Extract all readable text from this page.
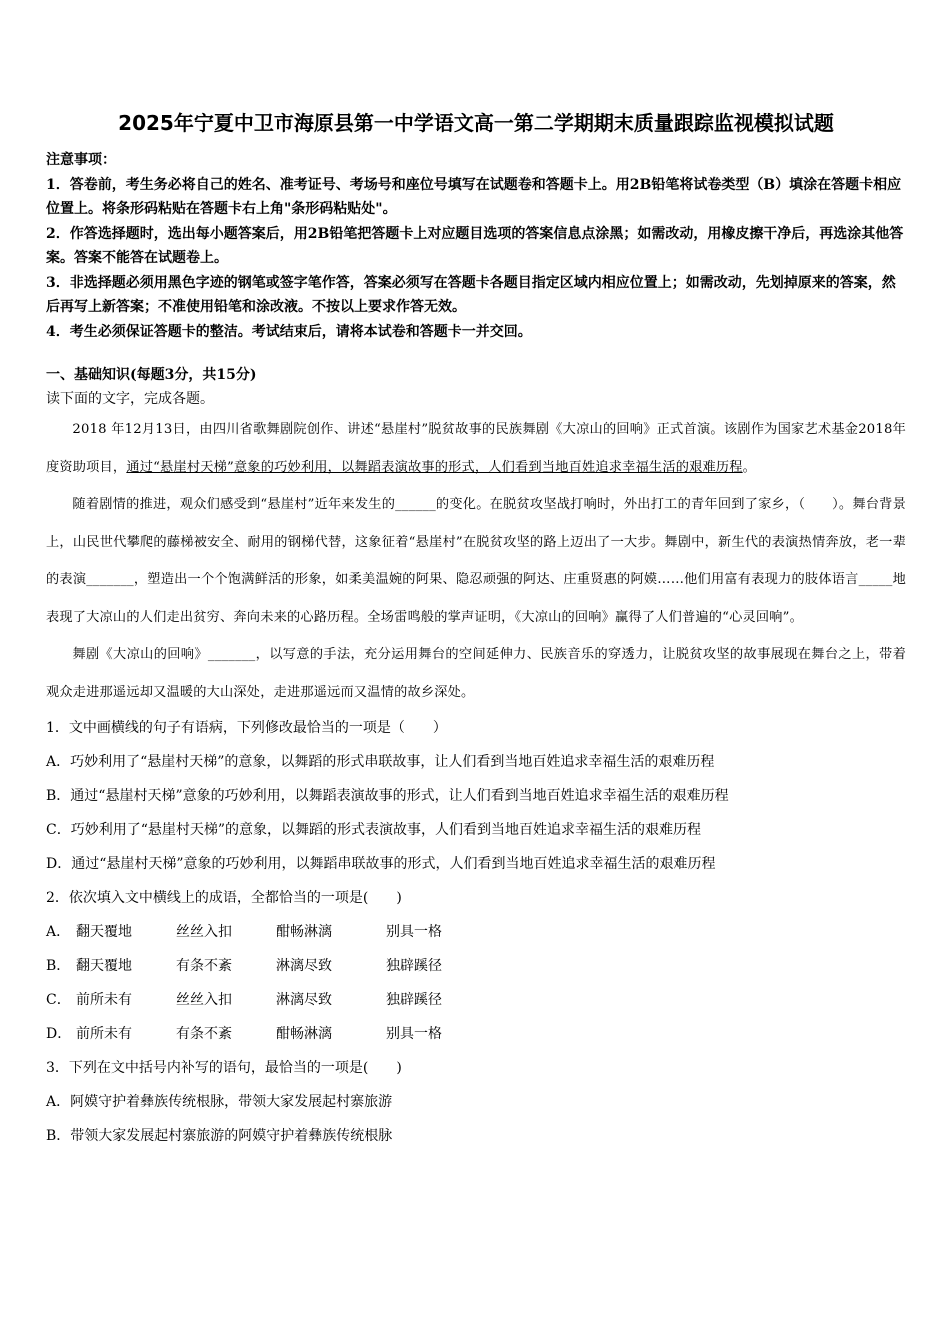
2025年宁夏中卫市海原县第一中学语文高一第二学期期末质量跟踪监视模拟试题
注意事项：

1．答卷前，考生务必将自己的姓名、准考证号、考场号和座位号填写在试题卷和答题卡上。用2B铅笔将试卷类型（B）填涂在答题卡相应位置上。将条形码粘贴在答题卡右上角"条形码粘贴处"。

2．作答选择题时，选出每小题答案后，用2B铅笔把答题卡上对应题目选项的答案信息点涂黑；如需改动，用橡皮擦干净后，再选涂其他答案。答案不能答在试题卷上。

3．非选择题必须用黑色字迹的钢笔或签字笔作答，答案必须写在答题卡各题目指定区域内相应位置上；如需改动，先划掉原来的答案，然后再写上新答案；不准使用铅笔和涂改液。不按以上要求作答无效。

4．考生必须保证答题卡的整洁。考试结束后，请将本试卷和答题卡一并交回。

一、基础知识(每题3分，共15分)
读下面的文字，完成各题。
2018 年12月13日，由四川省歌舞剧院创作、讲述“悬崖村”脱贫故事的民族舞剧《大凉山的回响》正式首演。该剧作为国家艺术基金2018年度资助项目，通过“悬崖村天梯”意象的巧妙利用，以舞蹈表演故事的形式，人们看到当地百姓追求幸福生活的艰难历程。
随着剧情的推进，观众们感受到“悬崖村”近年来发生的______的变化。在脱贫攻坚战打响时，外出打工的青年回到了家乡，（　　）。舞台背景上，山民世代攀爬的藤梯被安全、耐用的钢梯代替，这象征着“悬崖村”在脱贫攻坚的路上迈出了一大步。舞剧中，新生代的表演热情奔放，老一辈的表演_______，塑造出一个个饱满鲜活的形象，如柔美温婉的阿果、隐忍顽强的阿达、庄重贤惠的阿嫫……他们用富有表现力的肢体语言_____地表现了大凉山的人们走出贫穷、奔向未来的心路历程。全场雷鸣般的掌声证明，《大凉山的回响》赢得了人们普遍的“心灵回响”。
舞剧《大凉山的回响》_______，以写意的手法，充分运用舞台的空间延伸力、民族音乐的穿透力，让脱贫攻坚的故事展现在舞台之上，带着观众走进那遥远却又温暖的大山深处，走进那遥远而又温情的故乡深处。
1．文中画横线的句子有语病，下列修改最恰当的一项是（　　）
A．巧妙利用了“悬崖村天梯”的意象，以舞蹈的形式串联故事，让人们看到当地百姓追求幸福生活的艰难历程
B．通过“悬崖村天梯”意象的巧妙利用，以舞蹈表演故事的形式，让人们看到当地百姓追求幸福生活的艰难历程
C．巧妙利用了“悬崖村天梯”的意象，以舞蹈的形式表演故事，人们看到当地百姓追求幸福生活的艰难历程
D．通过“悬崖村天梯”意象的巧妙利用，以舞蹈串联故事的形式，人们看到当地百姓追求幸福生活的艰难历程
2．依次填入文中横线上的成语，全都恰当的一项是(　　)
A． 翻天覆地	丝丝入扣	酣畅淋漓	别具一格
B． 翻天覆地	有条不紊	淋漓尽致	独辟蹊径
C． 前所未有	丝丝入扣	淋漓尽致	独辟蹊径
D． 前所未有	有条不紊	酣畅淋漓	别具一格
3．下列在文中括号内补写的语句，最恰当的一项是(　　)
A．阿嫫守护着彝族传统根脉，带领大家发展起村寨旅游
B．带领大家发展起村寨旅游的阿嫫守护着彝族传统根脉
